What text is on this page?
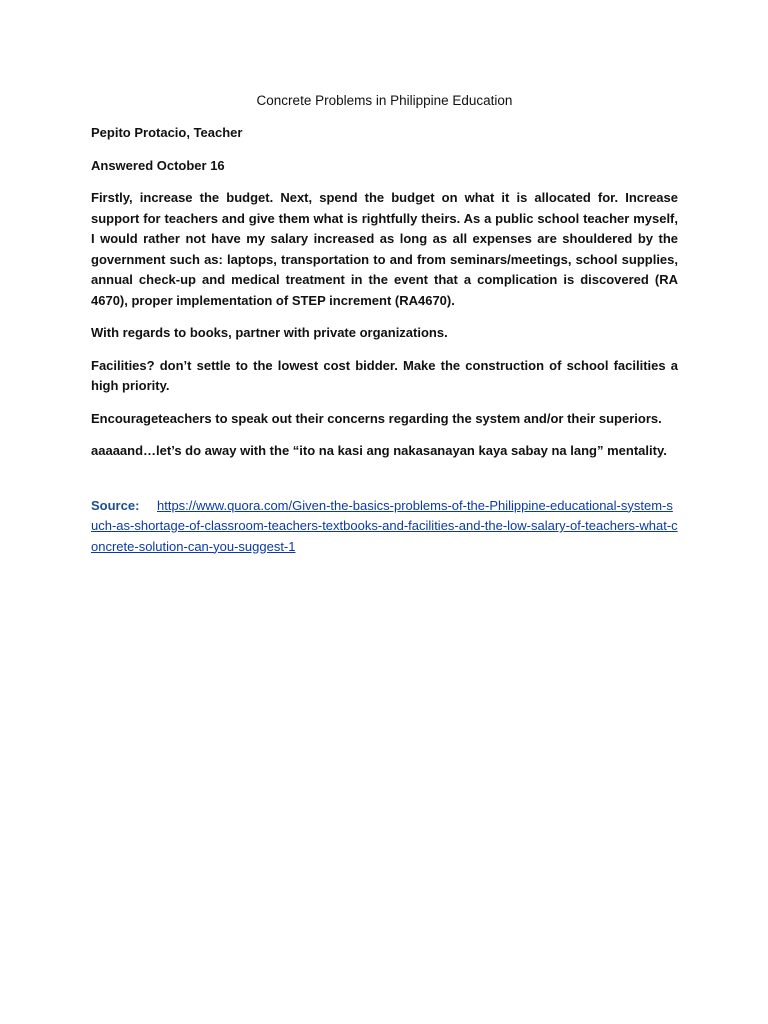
Concrete Problems in Philippine Education
Pepito Protacio, Teacher
Answered October 16
Firstly, increase the budget. Next, spend the budget on what it is allocated for. Increase support for teachers and give them what is rightfully theirs. As a public school teacher myself, I would rather not have my salary increased as long as all expenses are shouldered by the government such as: laptops, transportation to and from seminars/meetings, school supplies, annual check-up and medical treatment in the event that a complication is discovered (RA 4670), proper implementation of STEP increment (RA4670).
With regards to books, partner with private organizations.
Facilities? don’t settle to the lowest cost bidder. Make the construction of school facilities a high priority.
Encourageteachers to speak out their concerns regarding the system and/or their superiors.
aaaaand…let’s do away with the “ito na kasi ang nakasanayan kaya sabay na lang” mentality.
Source: https://www.quora.com/Given-the-basics-problems-of-the-Philippine-educational-system-such-as-shortage-of-classroom-teachers-textbooks-and-facilities-and-the-low-salary-of-teachers-what-concrete-solution-can-you-suggest-1
